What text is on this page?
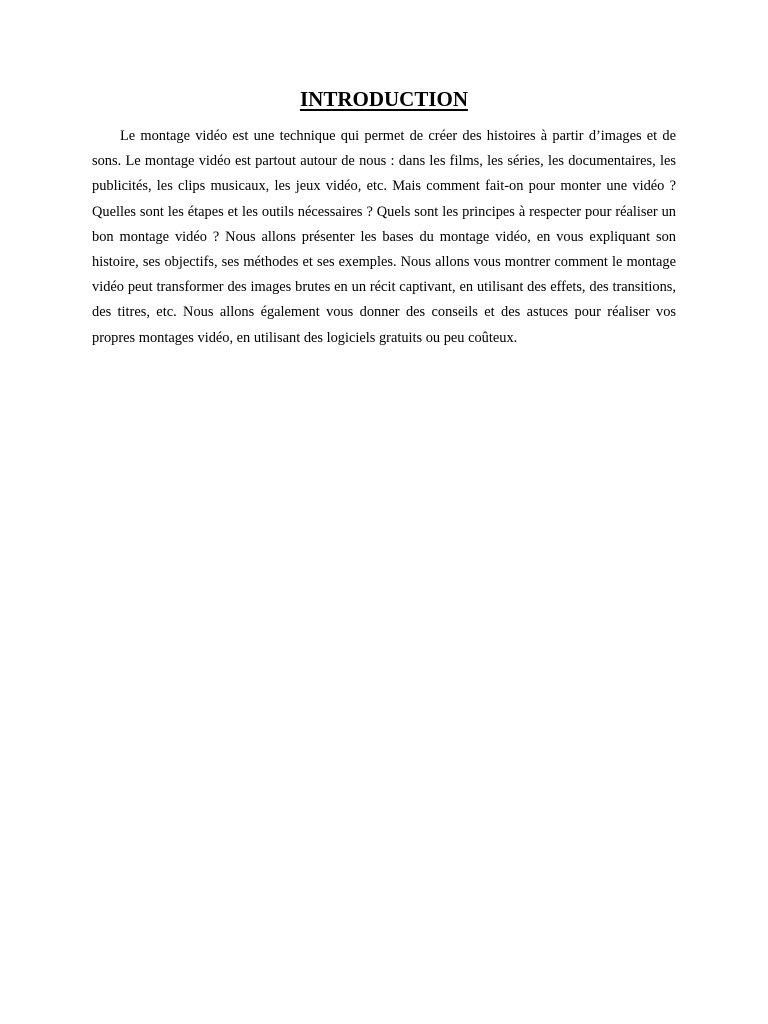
INTRODUCTION

Le montage vidéo est une technique qui permet de créer des histoires à partir d’images et de sons. Le montage vidéo est partout autour de nous : dans les films, les séries, les documentaires, les publicités, les clips musicaux, les jeux vidéo, etc. Mais comment fait-on pour monter une vidéo ? Quelles sont les étapes et les outils nécessaires ? Quels sont les principes à respecter pour réaliser un bon montage vidéo ? Nous allons présenter les bases du montage vidéo, en vous expliquant son histoire, ses objectifs, ses méthodes et ses exemples. Nous allons vous montrer comment le montage vidéo peut transformer des images brutes en un récit captivant, en utilisant des effets, des transitions, des titres, etc. Nous allons également vous donner des conseils et des astuces pour réaliser vos propres montages vidéo, en utilisant des logiciels gratuits ou peu coûteux.
